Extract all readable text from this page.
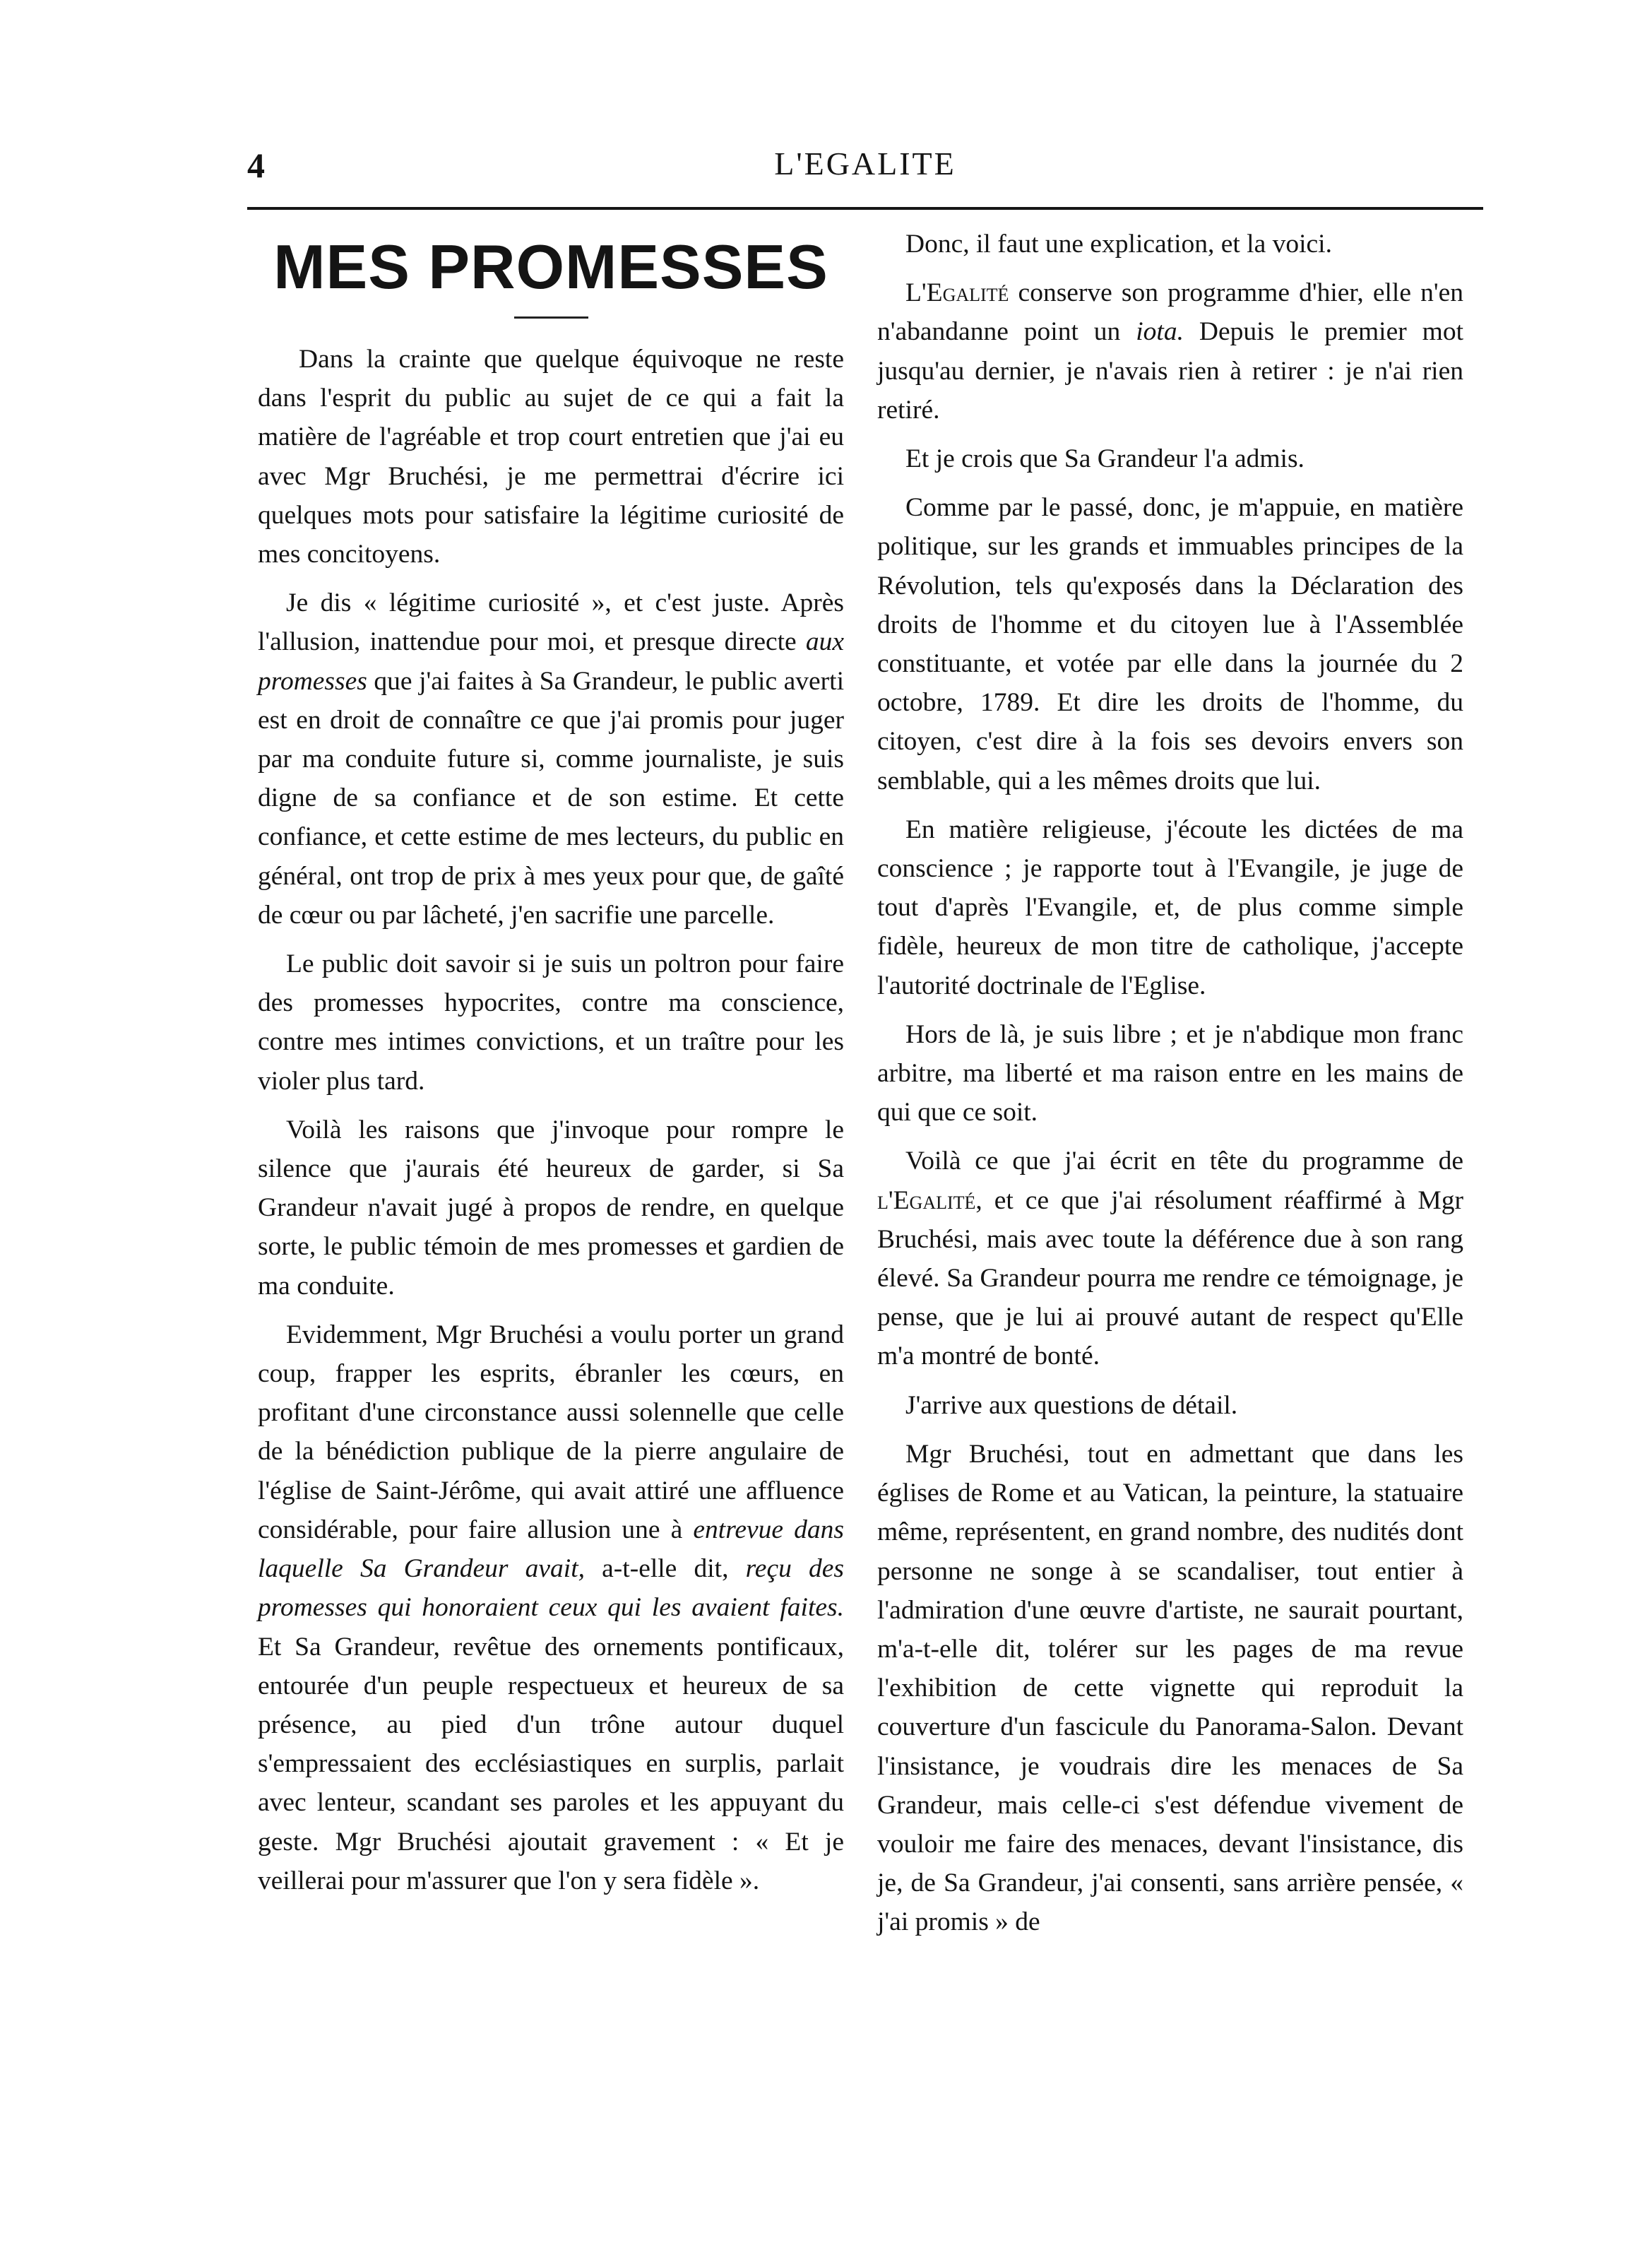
4	L'EGALITE
MES PROMESSES

Dans la crainte que quelque équivoque ne reste dans l'esprit du public au sujet de ce qui a fait la matière de l'agréable et trop court entretien que j'ai eu avec Mgr Bruchési, je me permettrai d'écrire ici quelques mots pour satisfaire la légitime curiosité de mes concitoyens.

Je dis « légitime curiosité », et c'est juste. Après l'allusion, inattendue pour moi, et presque directe aux promesses que j'ai faites à Sa Grandeur, le public averti est en droit de connaître ce que j'ai promis pour juger par ma conduite future si, comme journaliste, je suis digne de sa confiance et de son estime. Et cette confiance, et cette estime de mes lecteurs, du public en général, ont trop de prix à mes yeux pour que, de gaîté de cœur ou par lâcheté, j'en sacrifie une parcelle.

Le public doit savoir si je suis un poltron pour faire des promesses hypocrites, contre ma conscience, contre mes intimes convictions, et un traître pour les violer plus tard.

Voilà les raisons que j'invoque pour rompre le silence que j'aurais été heureux de garder, si Sa Grandeur n'avait jugé à propos de rendre, en quelque sorte, le public témoin de mes promesses et gardien de ma conduite.

Evidemment, Mgr Bruchési a voulu porter un grand coup, frapper les esprits, ébranler les cœurs, en profitant d'une circonstance aussi solennelle que celle de la bénédiction publique de la pierre angulaire de l'église de Saint-Jérôme, qui avait attiré une affluence considérable, pour faire allusion une à entrevue dans laquelle Sa Grandeur avait, a-t-elle dit, reçu des promesses qui honoraient ceux qui les avaient faites. Et Sa Grandeur, revêtue des ornements pontificaux, entourée d'un peuple respectueux et heureux de sa présence, au pied d'un trône autour duquel s'empressaient des ecclésiastiques en surplis, parlait avec lenteur, scandant ses paroles et les appuyant du geste. Mgr Bruchési ajoutait gravement : « Et je veillerai pour m'assurer que l'on y sera fidèle ».

Donc, il faut une explication, et la voici.

L'Egalité conserve son programme d'hier, elle n'en n'abandanne point un iota. Depuis le premier mot jusqu'au dernier, je n'avais rien à retirer : je n'ai rien retiré.

Et je crois que Sa Grandeur l'a admis.

Comme par le passé, donc, je m'appuie, en matière politique, sur les grands et immuables principes de la Révolution, tels qu'exposés dans la Déclaration des droits de l'homme et du citoyen lue à l'Assemblée constituante, et votée par elle dans la journée du 2 octobre, 1789. Et dire les droits de l'homme, du citoyen, c'est dire à la fois ses devoirs envers son semblable, qui a les mêmes droits que lui.

En matière religieuse, j'écoute les dictées de ma conscience ; je rapporte tout à l'Evangile, je juge de tout d'après l'Evangile, et, de plus comme simple fidèle, heureux de mon titre de catholique, j'accepte l'autorité doctrinale de l'Eglise.

Hors de là, je suis libre ; et je n'abdique mon franc arbitre, ma liberté et ma raison entre en les mains de qui que ce soit.

Voilà ce que j'ai écrit en tête du programme de l'Egalité, et ce que j'ai résolument réaffirmé à Mgr Bruchési, mais avec toute la déférence due à son rang élevé. Sa Grandeur pourra me rendre ce témoignage, je pense, que je lui ai prouvé autant de respect qu'Elle m'a montré de bonté.

J'arrive aux questions de détail.

Mgr Bruchési, tout en admettant que dans les églises de Rome et au Vatican, la peinture, la statuaire même, représentent, en grand nombre, des nudités dont personne ne songe à se scandaliser, tout entier à l'admiration d'une œuvre d'artiste, ne saurait pourtant, m'a-t-elle dit, tolérer sur les pages de ma revue l'exhibition de cette vignette qui reproduit la couverture d'un fascicule du Panorama-Salon. Devant l'insistance, je voudrais dire les menaces de Sa Grandeur, mais celle-ci s'est défendue vivement de vouloir me faire des menaces, devant l'insistance, dis je, de Sa Grandeur, j'ai consenti, sans arrière pensée, « j'ai promis » de
